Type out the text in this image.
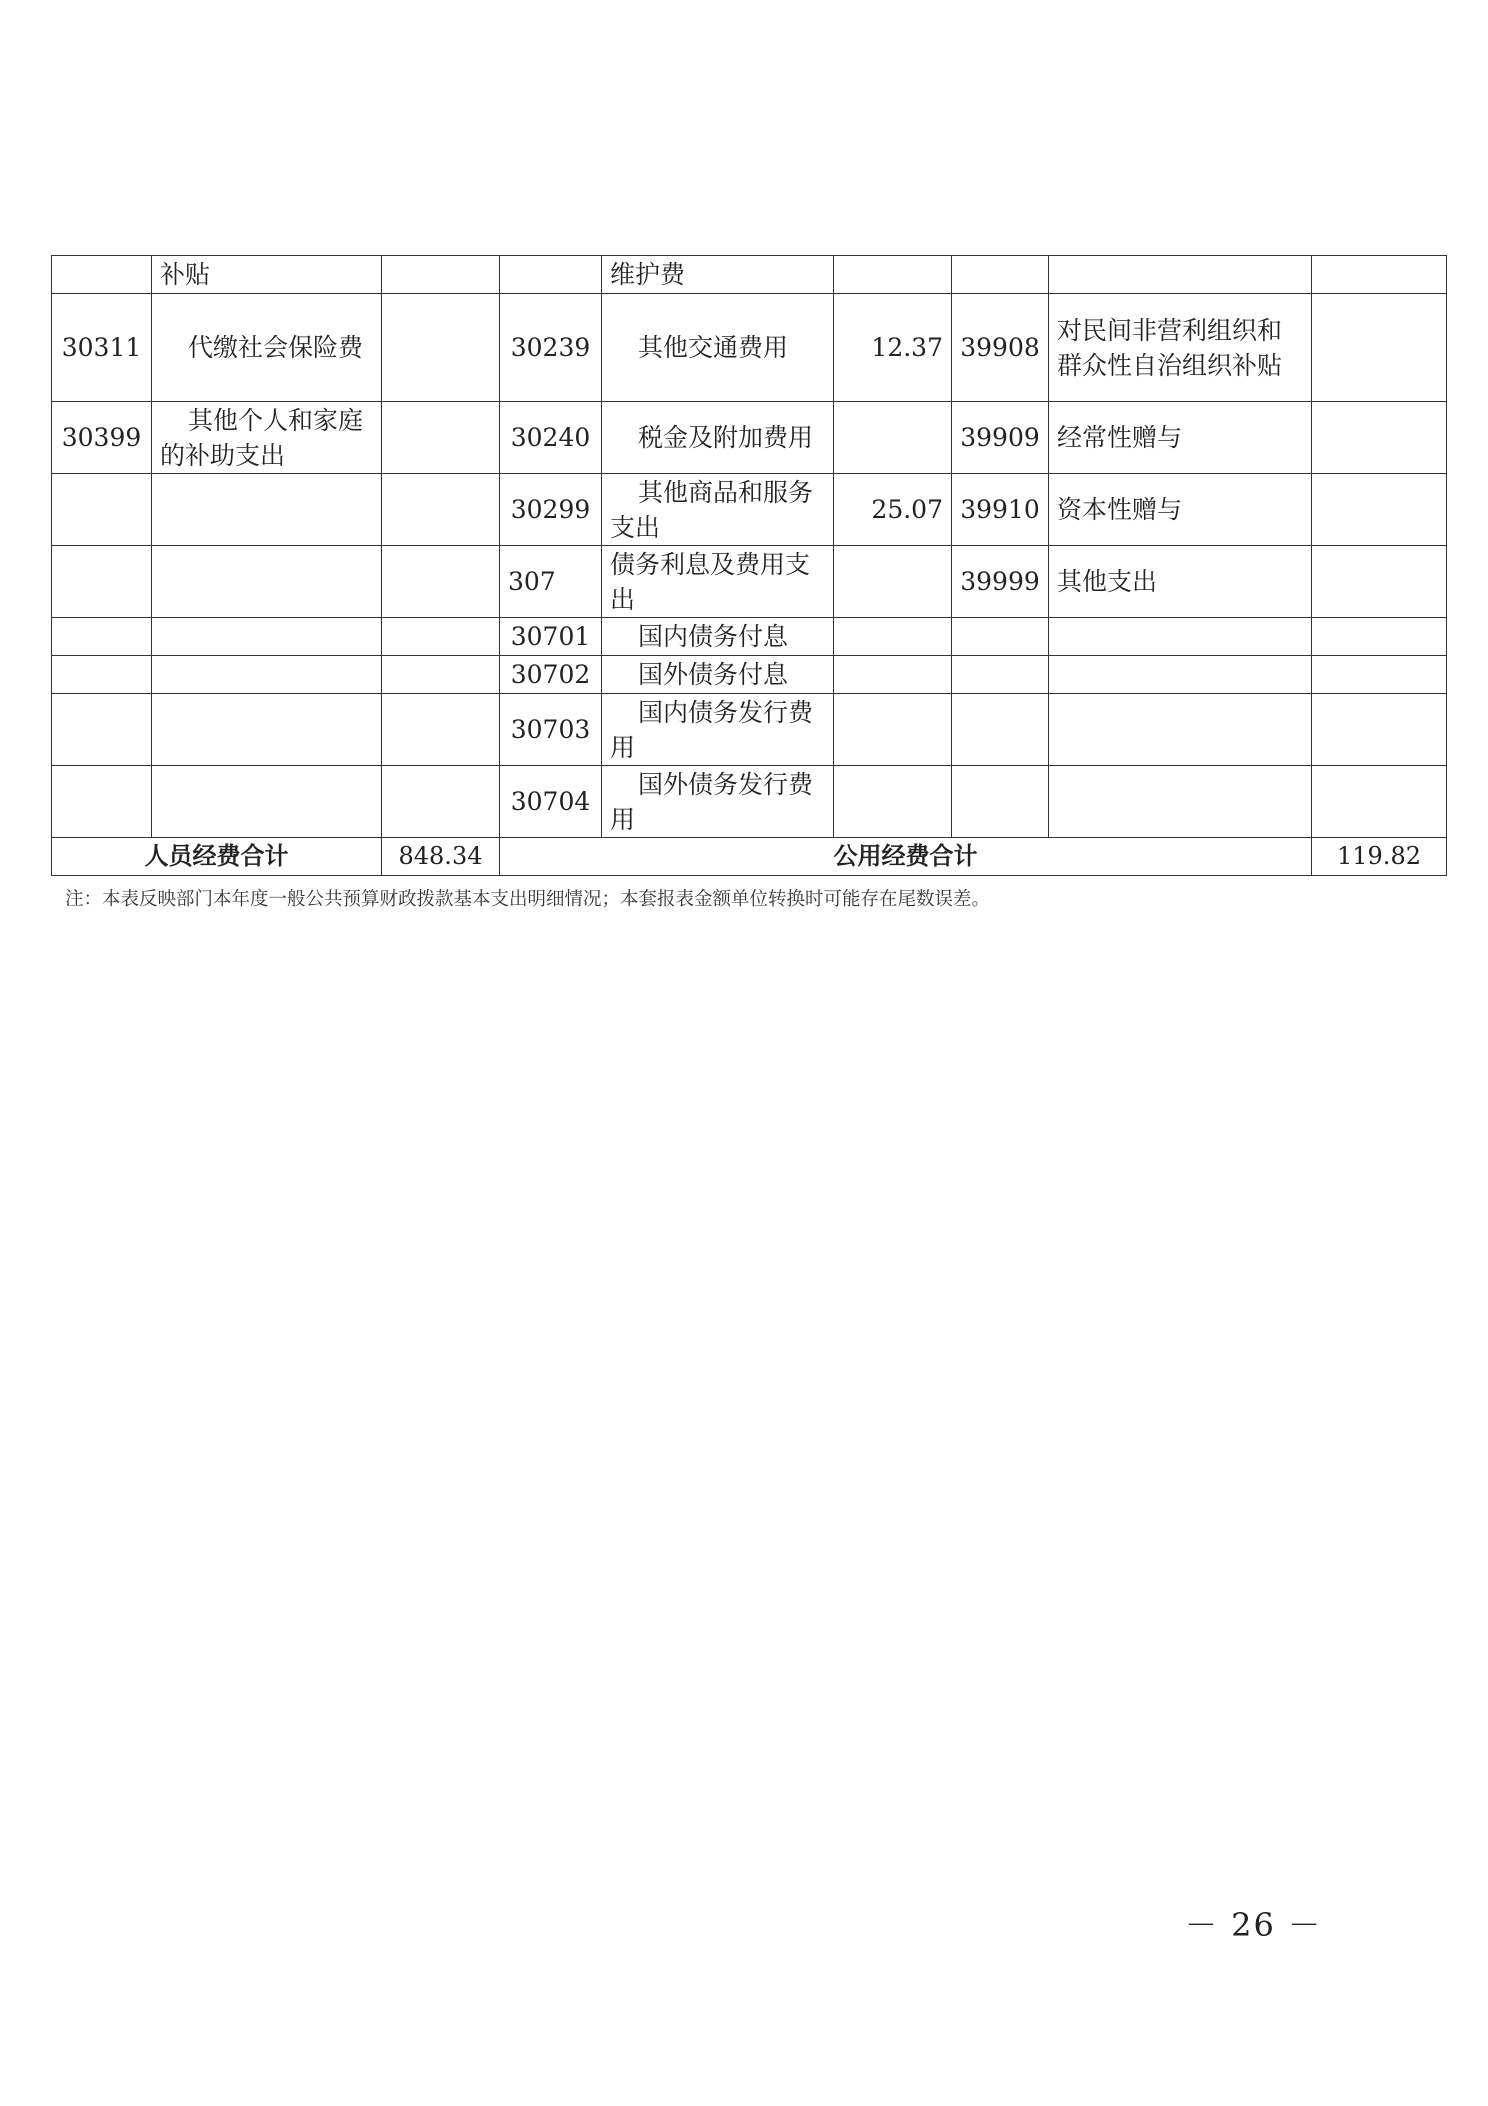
	补贴			维护费				
30311	代缴社会保险费		30239	其他交通费用	12.37	39908	对民间非营利组织和群众性自治组织补贴	
30399	其他个人和家庭的补助支出		30240	税金及附加费用		39909	经常性赠与	
			30299	其他商品和服务支出	25.07	39910	资本性赠与	
			307	债务利息及费用支出		39999	其他支出	
			30701	国内债务付息				
			30702	国外债务付息				
			30703	国内债务发行费用				
			30704	国外债务发行费用				
人员经费合计		848.34	公用经费合计					119.82
注：本表反映部门本年度一般公共预算财政拨款基本支出明细情况；本套报表金额单位转换时可能存在尾数误差。
－ 26 －
